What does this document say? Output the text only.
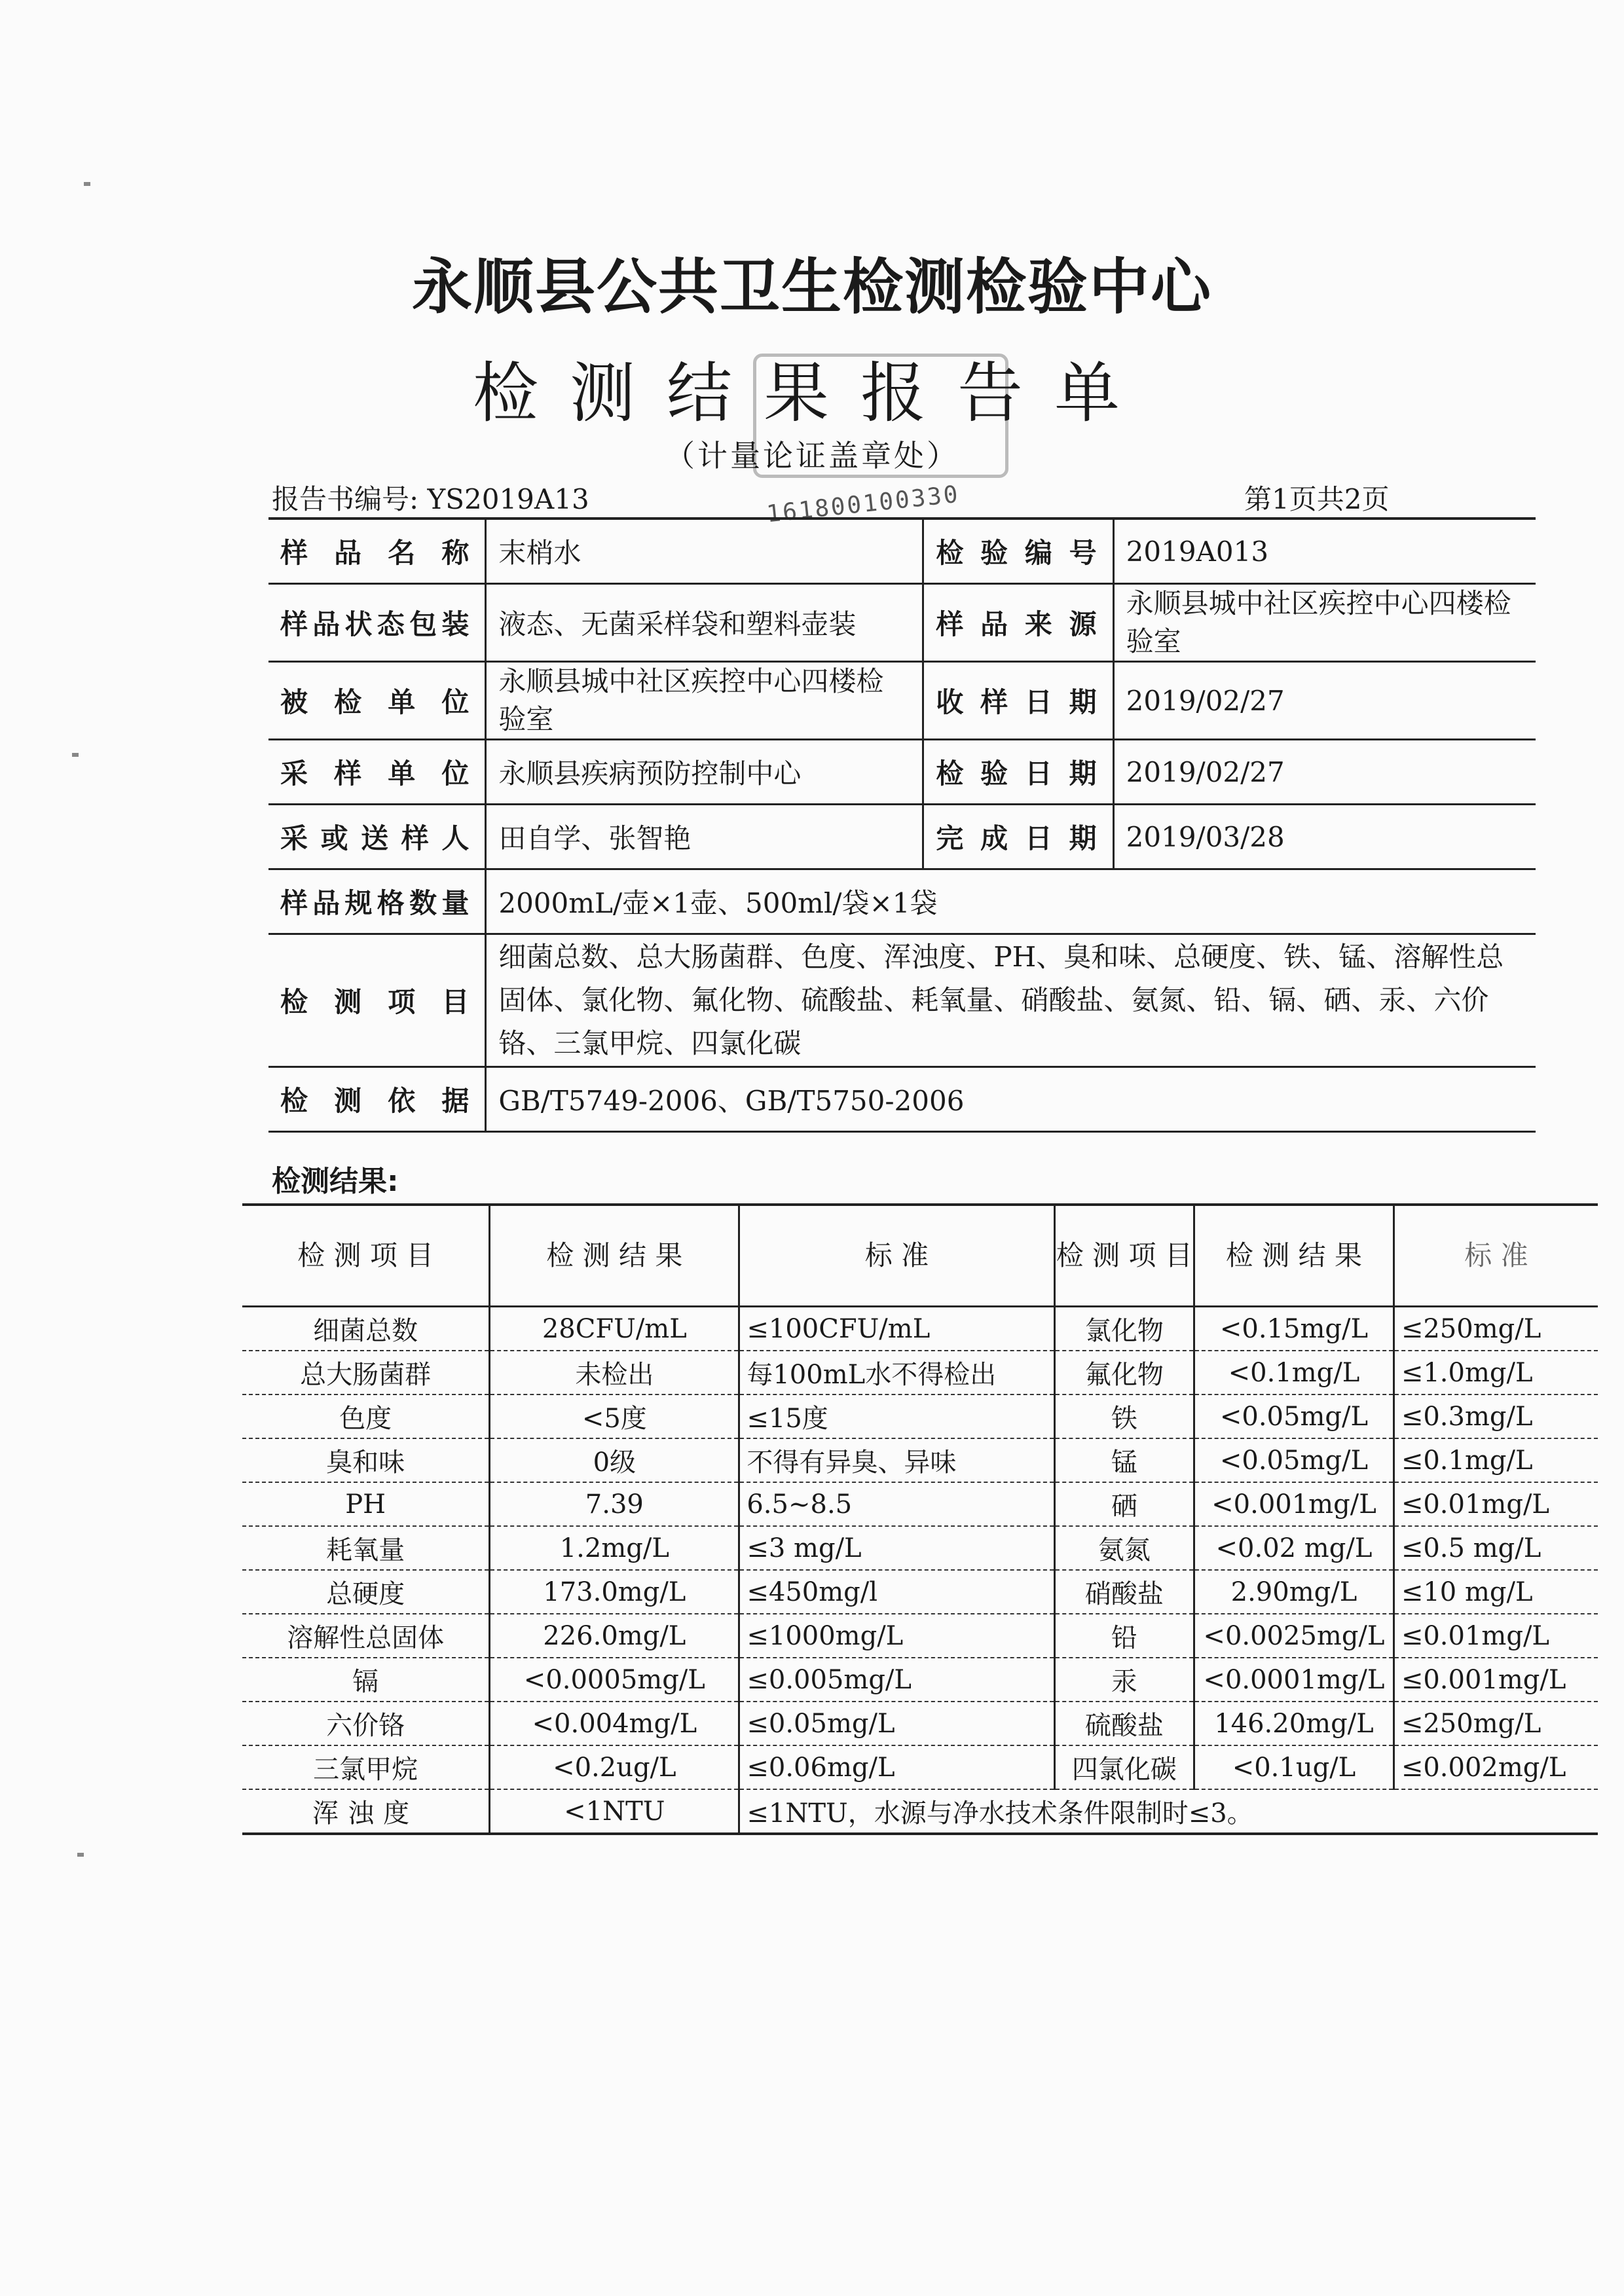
永顺县公共卫生检测检验中心
检测结果报告单
（计量论证盖章处）
报告书编号: YS2019A13	第1页共2页
161800100330
样品名称	末梢水	检验编号	2019A013
样品状态包装	液态、无菌采样袋和塑料壶装	样品来源	永顺县城中社区疾控中心四楼检验室
被检单位	永顺县城中社区疾控中心四楼检验室	收样日期	2019/02/27
采样单位	永顺县疾病预防控制中心	检验日期	2019/02/27
采或送样人	田自学、张智艳	完成日期	2019/03/28
样品规格数量	2000mL/壶×1壶、500ml/袋×1袋		
检测项目	细菌总数、总大肠菌群、色度、浑浊度、PH、臭和味、总硬度、铁、锰、溶解性总固体、氯化物、氟化物、硫酸盐、耗氧量、硝酸盐、氨氮、铅、镉、硒、汞、六价铬、三氯甲烷、四氯化碳		
检测依据	GB/T5749-2006、GB/T5750-2006		
检测结果:
检 测 项 目	检 测 结 果	标 准	检 测 项 目	检 测 结 果	标 准
细菌总数	28CFU/mL	≤100CFU/mL	氯化物	<0.15mg/L	≤250mg/L
总大肠菌群	未检出	每100mL水不得检出	氟化物	<0.1mg/L	≤1.0mg/L
色度	<5度	≤15度	铁	<0.05mg/L	≤0.3mg/L
臭和味	0级	不得有异臭、异味	锰	<0.05mg/L	≤0.1mg/L
PH	7.39	6.5~8.5	硒	<0.001mg/L	≤0.01mg/L
耗氧量	1.2mg/L	≤3 mg/L	氨氮	<0.02 mg/L	≤0.5 mg/L
总硬度	173.0mg/L	≤450mg/l	硝酸盐	2.90mg/L	≤10 mg/L
溶解性总固体	226.0mg/L	≤1000mg/L	铅	<0.0025mg/L	≤0.01mg/L
镉	<0.0005mg/L	≤0.005mg/L	汞	<0.0001mg/L	≤0.001mg/L
六价铬	<0.004mg/L	≤0.05mg/L	硫酸盐	146.20mg/L	≤250mg/L
三氯甲烷	<0.2ug/L	≤0.06mg/L	四氯化碳	<0.1ug/L	≤0.002mg/L
浑浊度	<1NTU	≤1NTU，水源与净水技术条件限制时≤3。			
